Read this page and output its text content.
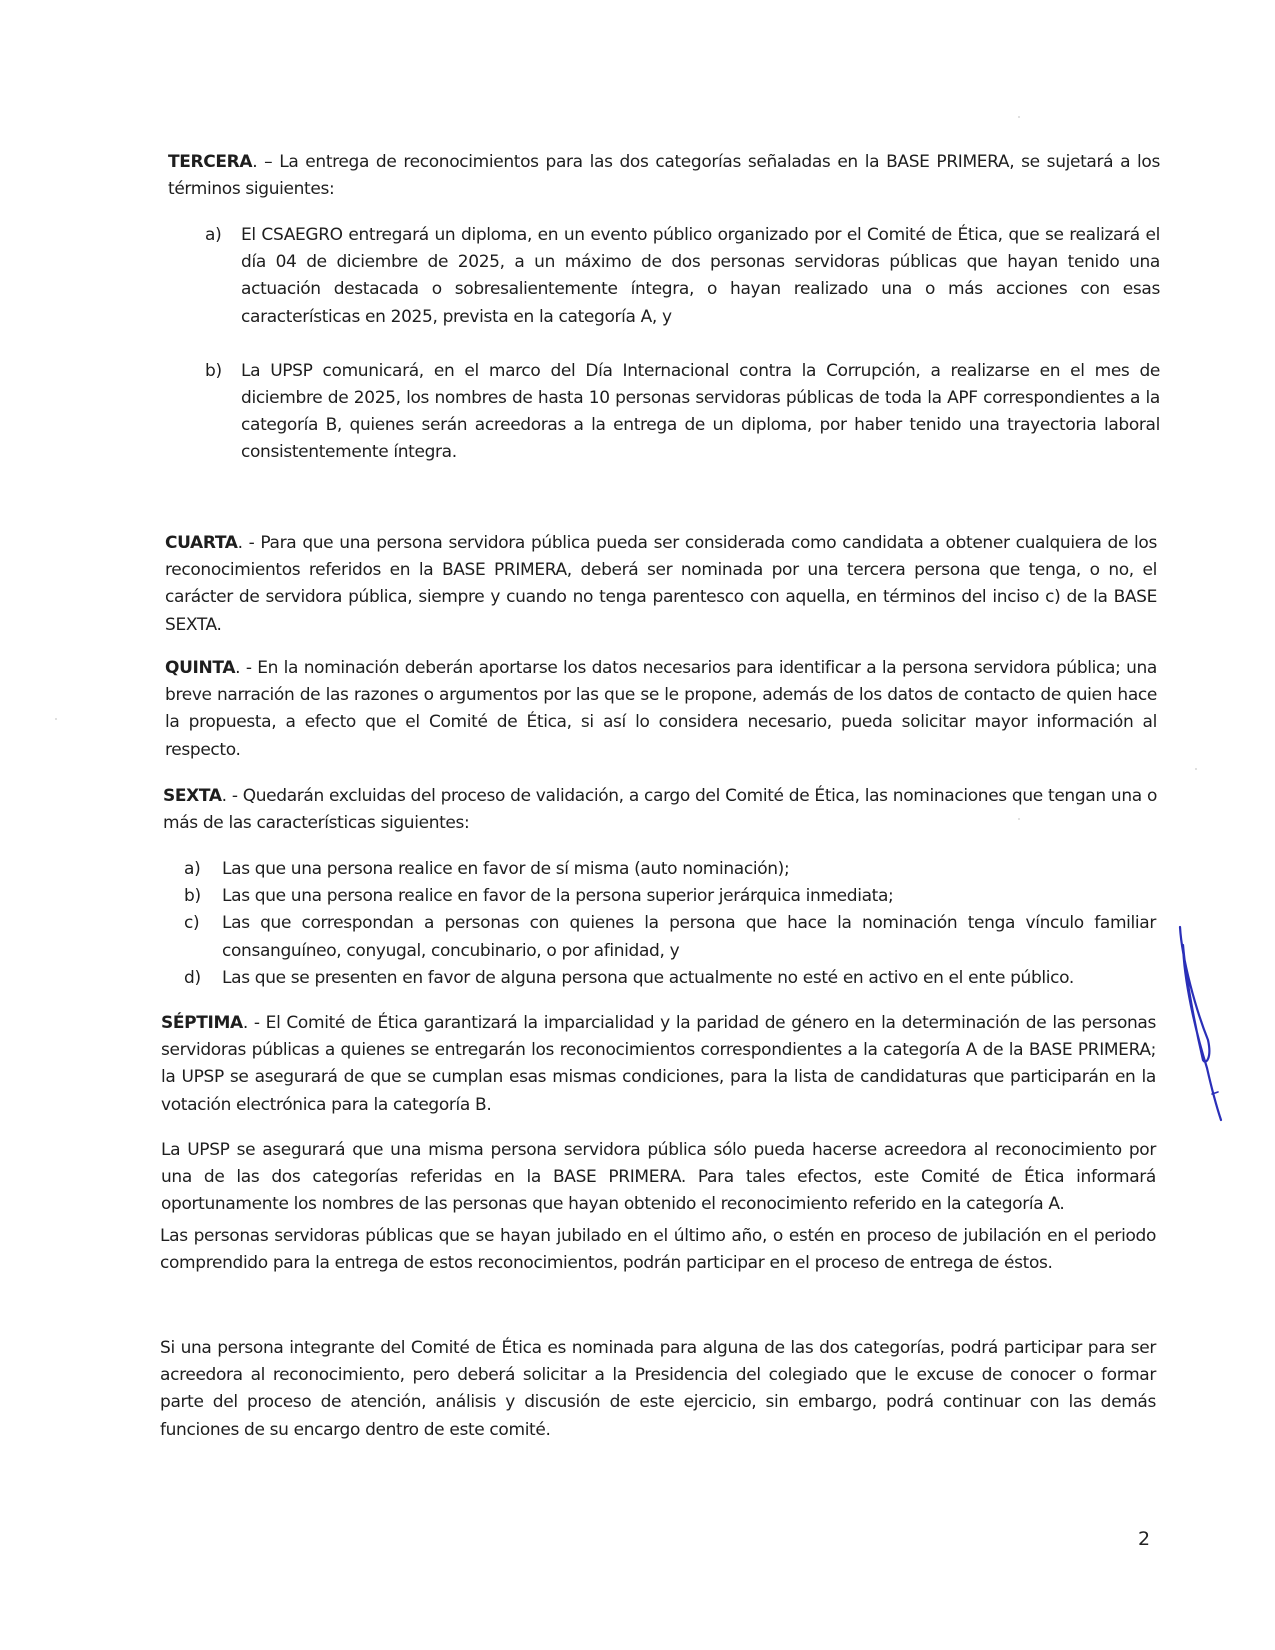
TERCERA. – La entrega de reconocimientos para las dos categorías señaladas en la BASE PRIMERA, se sujetará a los términos siguientes:
a) El CSAEGRO entregará un diploma, en un evento público organizado por el Comité de Ética, que se realizará el día 04 de diciembre de 2025, a un máximo de dos personas servidoras públicas que hayan tenido una actuación destacada o sobresalientemente íntegra, o hayan realizado una o más acciones con esas características en 2025, prevista en la categoría A, y
b) La UPSP comunicará, en el marco del Día Internacional contra la Corrupción, a realizarse en el mes de diciembre de 2025, los nombres de hasta 10 personas servidoras públicas de toda la APF correspondientes a la categoría B, quienes serán acreedoras a la entrega de un diploma, por haber tenido una trayectoria laboral consistentemente íntegra.
CUARTA. - Para que una persona servidora pública pueda ser considerada como candidata a obtener cualquiera de los reconocimientos referidos en la BASE PRIMERA, deberá ser nominada por una tercera persona que tenga, o no, el carácter de servidora pública, siempre y cuando no tenga parentesco con aquella, en términos del inciso c) de la BASE SEXTA.
QUINTA. - En la nominación deberán aportarse los datos necesarios para identificar a la persona servidora pública; una breve narración de las razones o argumentos por las que se le propone, además de los datos de contacto de quien hace la propuesta, a efecto que el Comité de Ética, si así lo considera necesario, pueda solicitar mayor información al respecto.
SEXTA. - Quedarán excluidas del proceso de validación, a cargo del Comité de Ética, las nominaciones que tengan una o más de las características siguientes:
a) Las que una persona realice en favor de sí misma (auto nominación);
b) Las que una persona realice en favor de la persona superior jerárquica inmediata;
c) Las que correspondan a personas con quienes la persona que hace la nominación tenga vínculo familiar consanguíneo, conyugal, concubinario, o por afinidad, y
d) Las que se presenten en favor de alguna persona que actualmente no esté en activo en el ente público.
SÉPTIMA. - El Comité de Ética garantizará la imparcialidad y la paridad de género en la determinación de las personas servidoras públicas a quienes se entregarán los reconocimientos correspondientes a la categoría A de la BASE PRIMERA; la UPSP se asegurará de que se cumplan esas mismas condiciones, para la lista de candidaturas que participarán en la votación electrónica para la categoría B.
La UPSP se asegurará que una misma persona servidora pública sólo pueda hacerse acreedora al reconocimiento por una de las dos categorías referidas en la BASE PRIMERA. Para tales efectos, este Comité de Ética informará oportunamente los nombres de las personas que hayan obtenido el reconocimiento referido en la categoría A.
Las personas servidoras públicas que se hayan jubilado en el último año, o estén en proceso de jubilación en el periodo comprendido para la entrega de estos reconocimientos, podrán participar en el proceso de entrega de éstos.
Si una persona integrante del Comité de Ética es nominada para alguna de las dos categorías, podrá participar para ser acreedora al reconocimiento, pero deberá solicitar a la Presidencia del colegiado que le excuse de conocer o formar parte del proceso de atención, análisis y discusión de este ejercicio, sin embargo, podrá continuar con las demás funciones de su encargo dentro de este comité.
2
